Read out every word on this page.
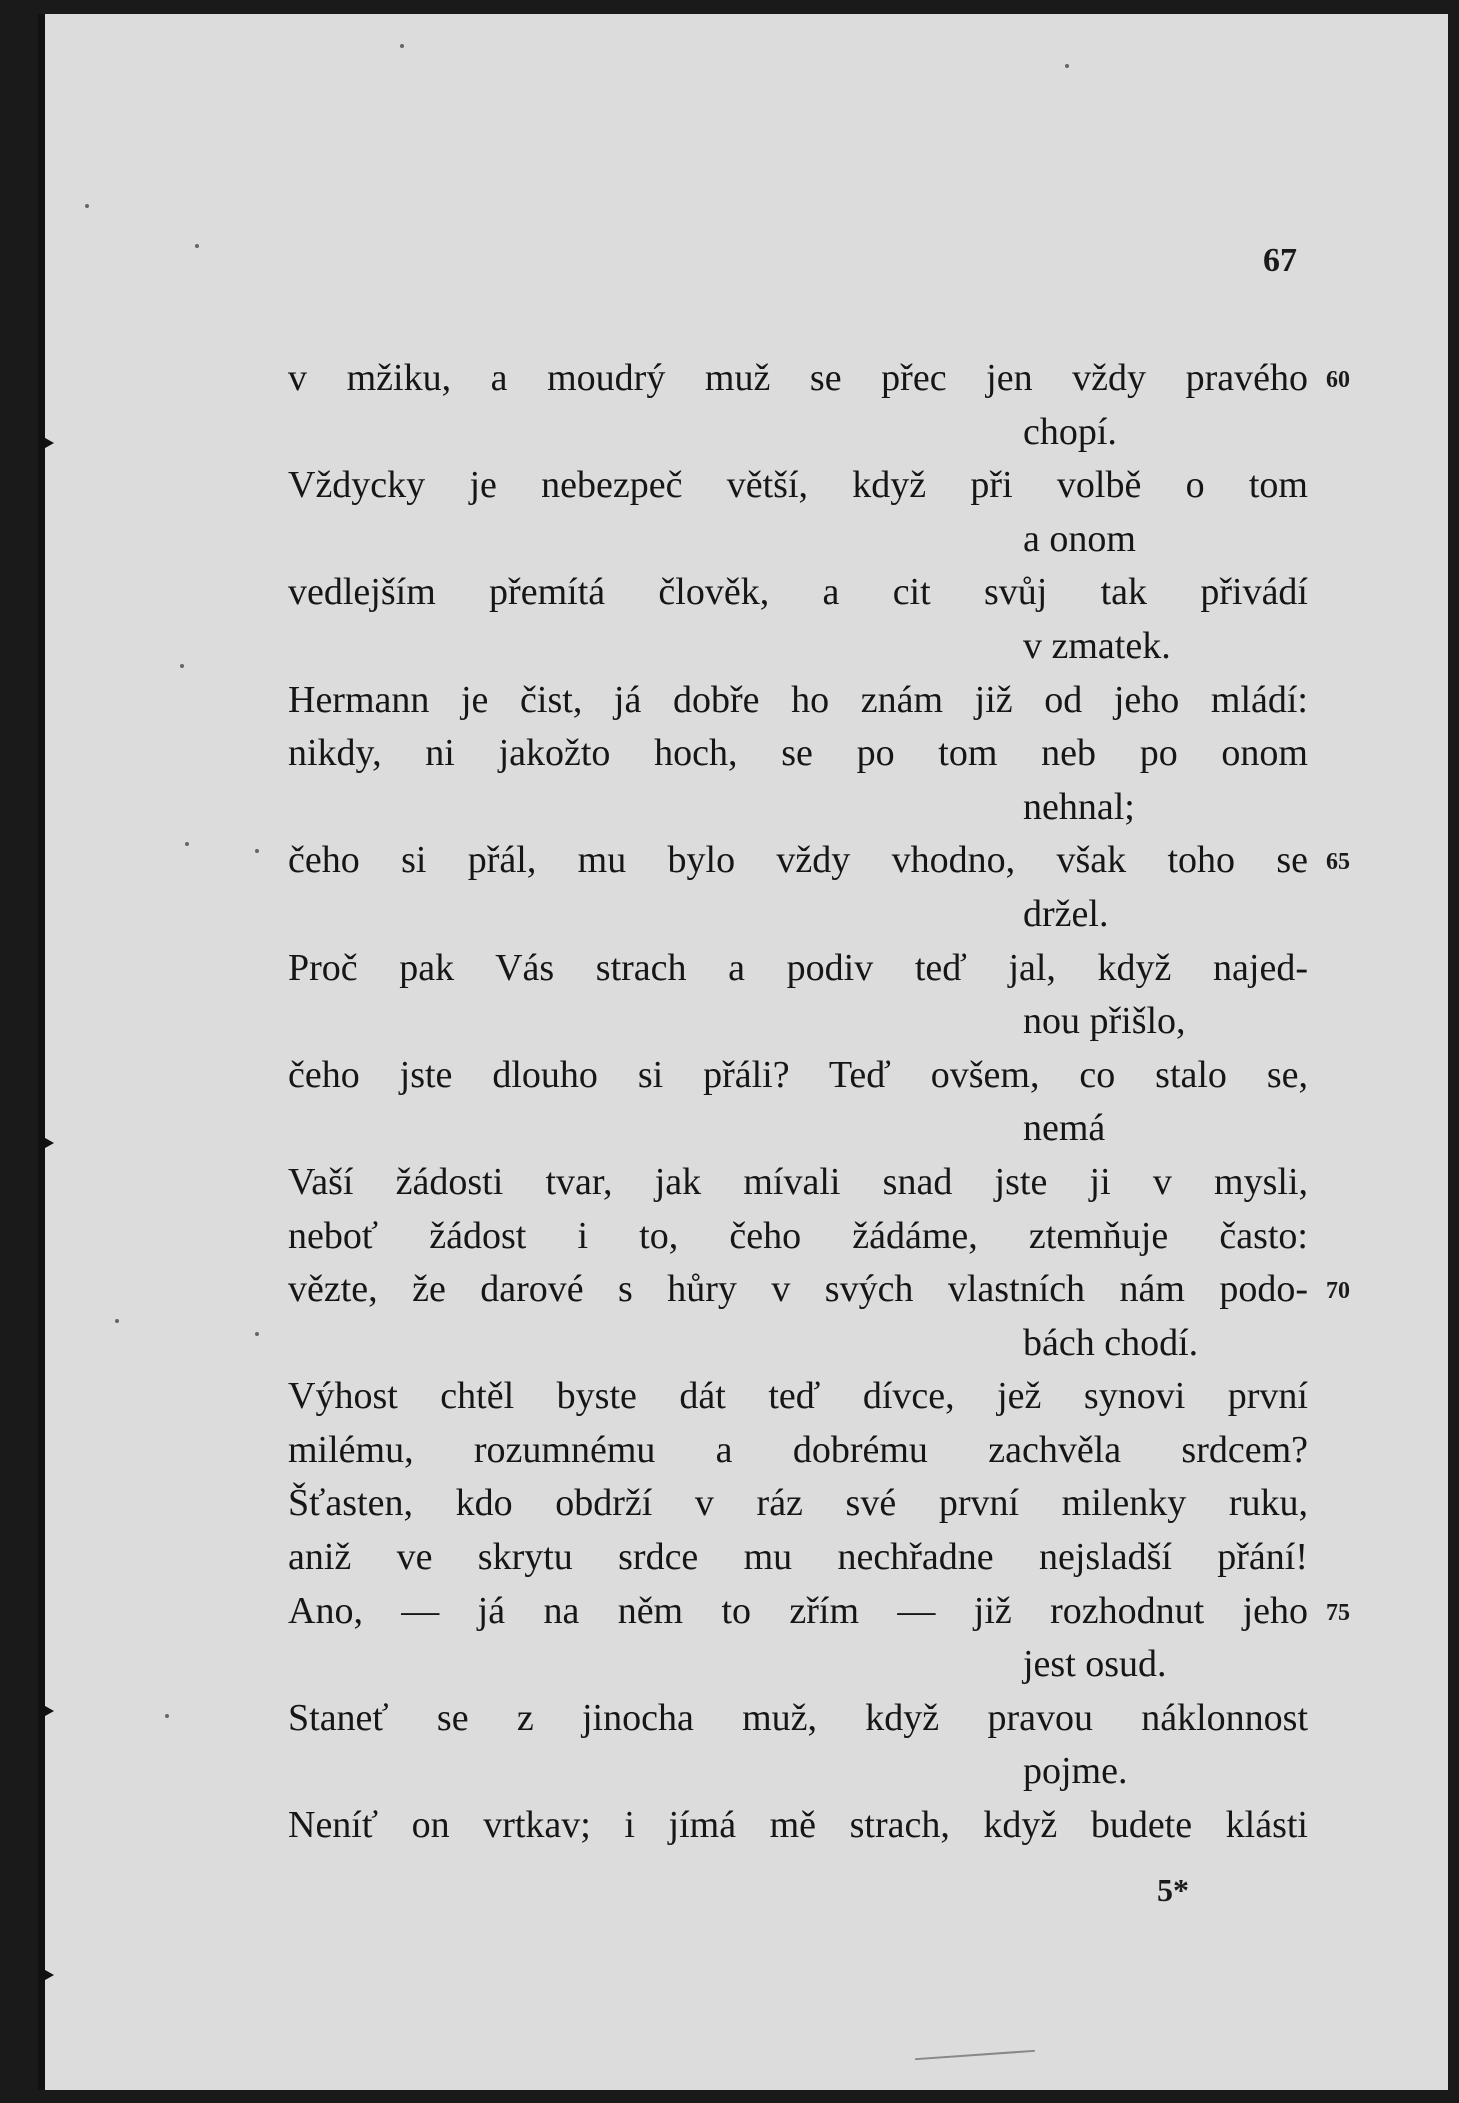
67
v mžiku, a moudrý muž se přec jen vždy pravého 60
chopí.
Vždycky je nebezpeč větší, když při volbě o tom
a onom
vedlejším přemítá člověk, a cit svůj tak přivádí
v zmatek.
Hermann je čist, já dobře ho znám již od jeho mládí:
nikdy, ni jakožto hoch, se po tom neb po onom
nehnal;
čeho si přál, mu bylo vždy vhodno, však toho se 65
držel.
Proč pak Vás strach a podiv teď jal, když najed-
nou přišlo,
čeho jste dlouho si přáli? Teď ovšem, co stalo se,
nemá
Vaší žádosti tvar, jak mívali snad jste ji v mysli,
neboť žádost i to, čeho žádáme, ztemňuje často:
vězte, že darové s hůry v svých vlastních nám podo- 70
bách chodí.
Výhost chtěl byste dát teď dívce, jež synovi první
milému, rozumnému a dobrému zachvěla srdcem?
Šťasten, kdo obdrží v ráz své první milenky ruku,
aniž ve skrytu srdce mu nechřadne nejsladší přání!
Ano, — já na něm to zřím — již rozhodnut jeho 75
jest osud.
Staneť se z jinocha muž, když pravou náklonnost
pojme.
Neníť on vrtkav; i jímá mě strach, když budete klásti
5*
